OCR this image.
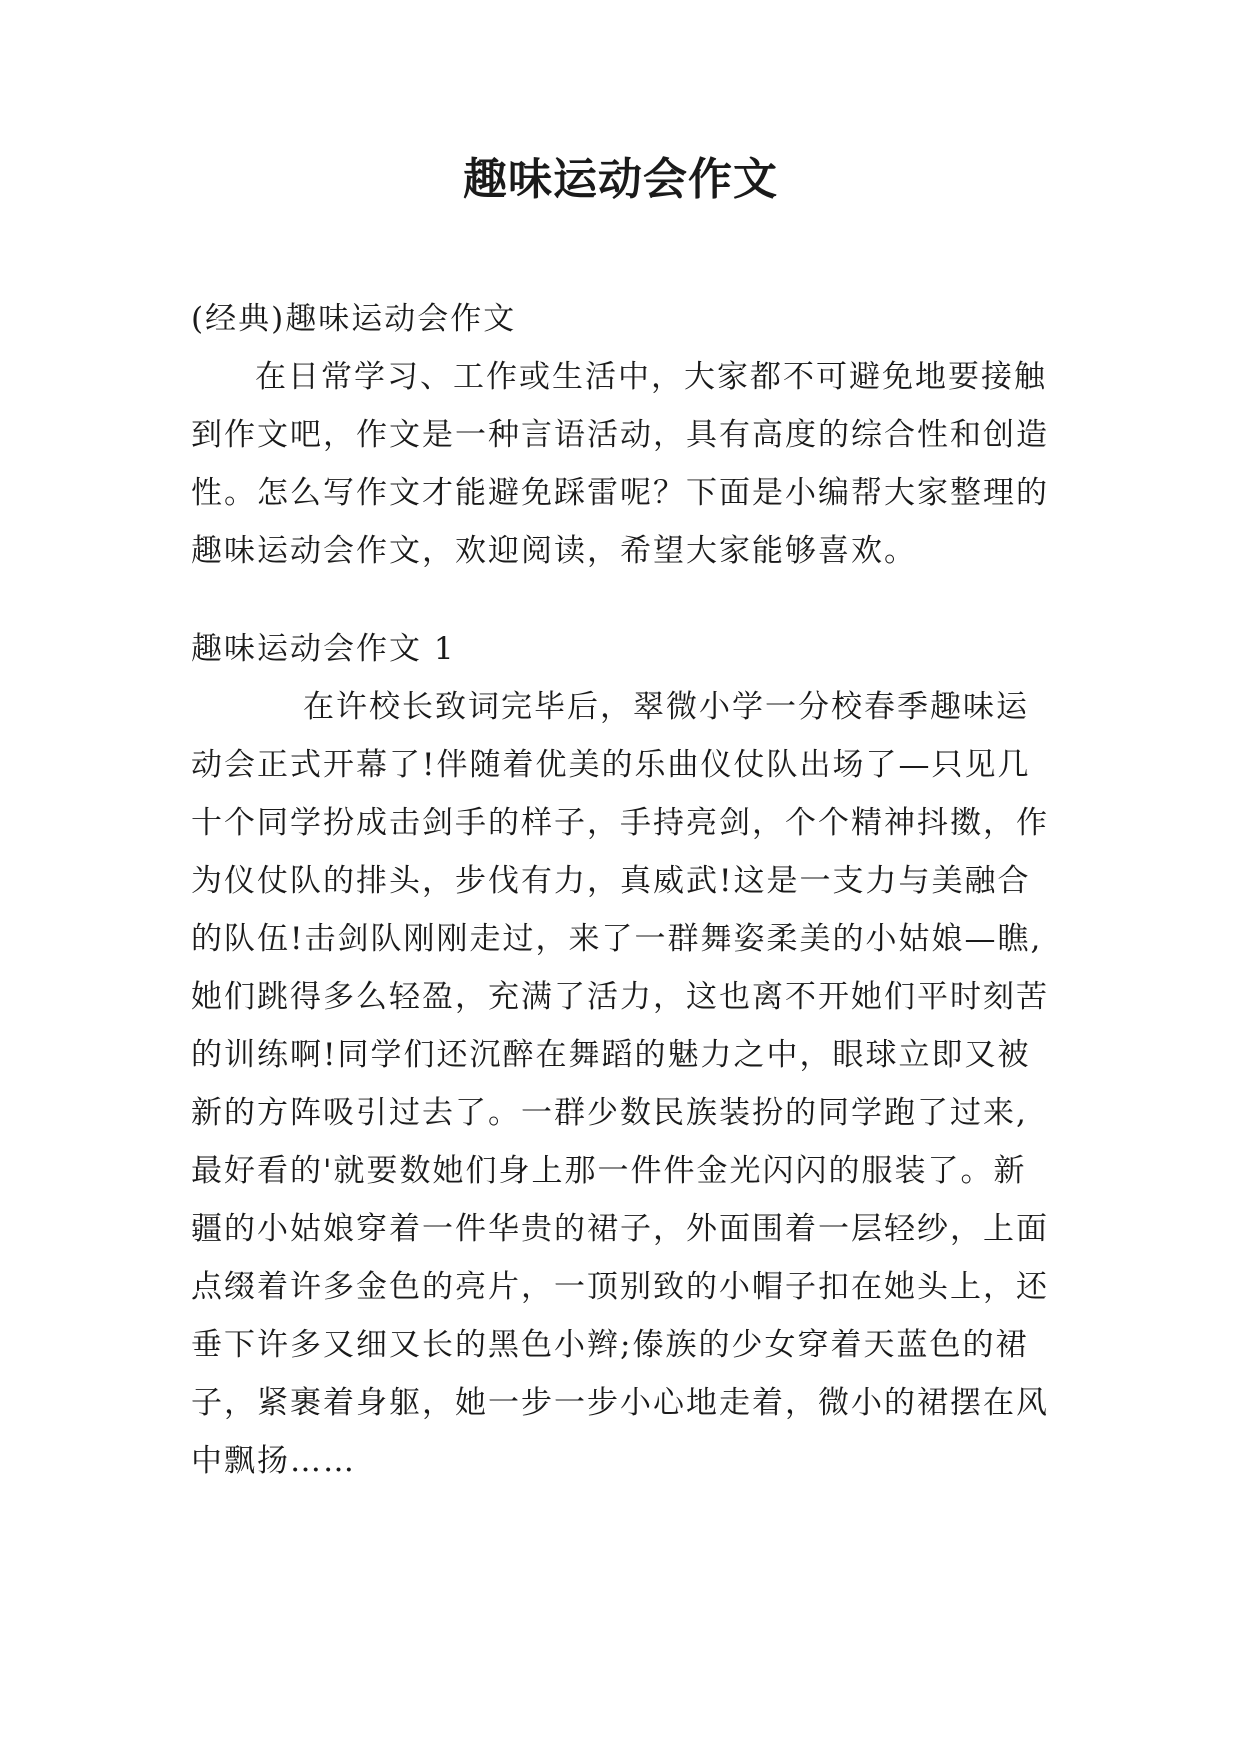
趣味运动会作文
(经典)趣味运动会作文
在日常学习、工作或生活中，大家都不可避免地要接触
到作文吧，作文是一种言语活动，具有高度的综合性和创造
性。怎么写作文才能避免踩雷呢？下面是小编帮大家整理的
趣味运动会作文，欢迎阅读，希望大家能够喜欢。
趣味运动会作文 1
在许校长致词完毕后，翠微小学一分校春季趣味运
动会正式开幕了!伴随着优美的乐曲仪仗队出场了—只见几
十个同学扮成击剑手的样子，手持亮剑，个个精神抖擞，作
为仪仗队的排头，步伐有力，真威武!这是一支力与美融合
的队伍!击剑队刚刚走过，来了一群舞姿柔美的小姑娘—瞧,
她们跳得多么轻盈，充满了活力，这也离不开她们平时刻苦
的训练啊!同学们还沉醉在舞蹈的魅力之中，眼球立即又被
新的方阵吸引过去了。一群少数民族装扮的同学跑了过来,
最好看的'就要数她们身上那一件件金光闪闪的服装了。新
疆的小姑娘穿着一件华贵的裙子，外面围着一层轻纱，上面
点缀着许多金色的亮片，一顶别致的小帽子扣在她头上，还
垂下许多又细又长的黑色小辫;傣族的少女穿着天蓝色的裙
子，紧裹着身躯，她一步一步小心地走着，微小的裙摆在风
中飘扬……
